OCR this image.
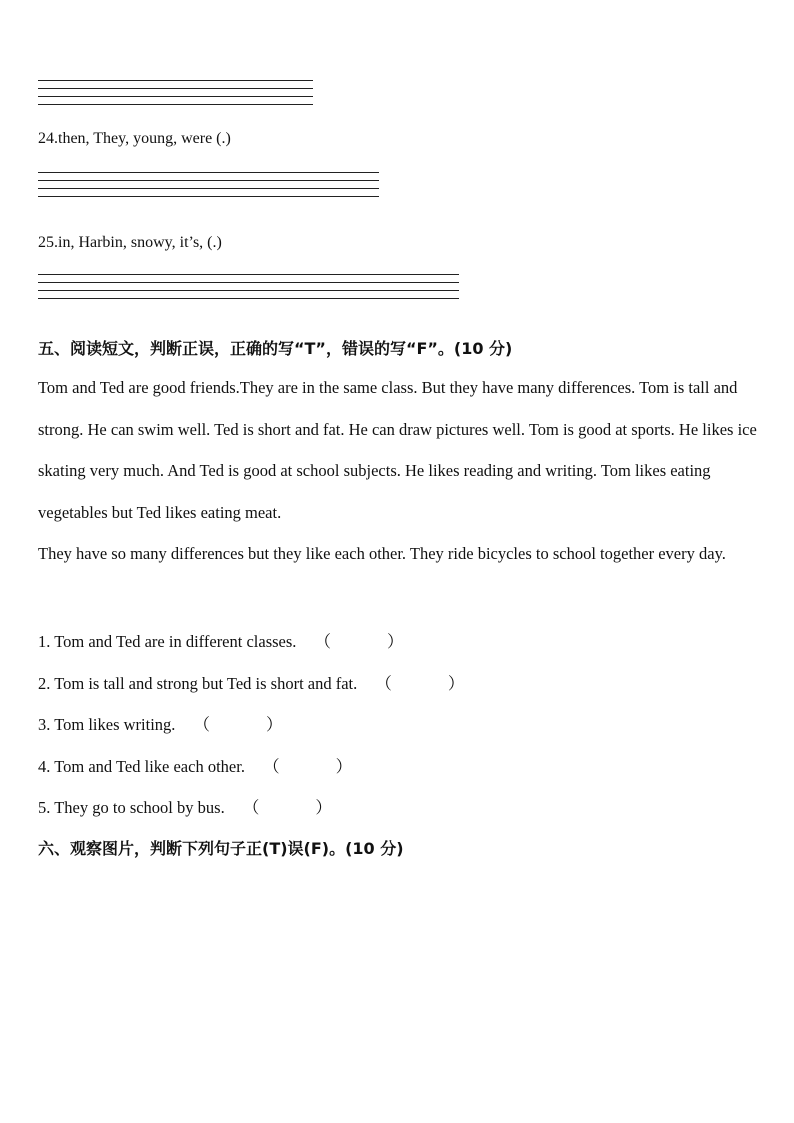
24.then, They, young, were (.)
25.in, Harbin, snowy, it’s, (.)
五、阅读短文，判断正误，正确的写“T”，错误的写“F”。(10 分)

Tom and Ted are good friends.They are in the same class. But they have many differences. Tom is tall and strong. He can swim well. Ted is short and fat. He can draw pictures well. Tom is good at sports. He likes ice skating very much. And Ted is good at school subjects. He likes reading and writing. Tom likes eating vegetables but Ted likes eating meat.

They have so many differences but they like each other. They ride bicycles to school together every day.

1. Tom and Ted are in different classes. （	）
2. Tom is tall and strong but Ted is short and fat. （	）
3. Tom likes writing. （	）
4. Tom and Ted like each other. （	）
5. They go to school by bus. （	）
六、观察图片，判断下列句子正(T)误(F)。(10 分)
